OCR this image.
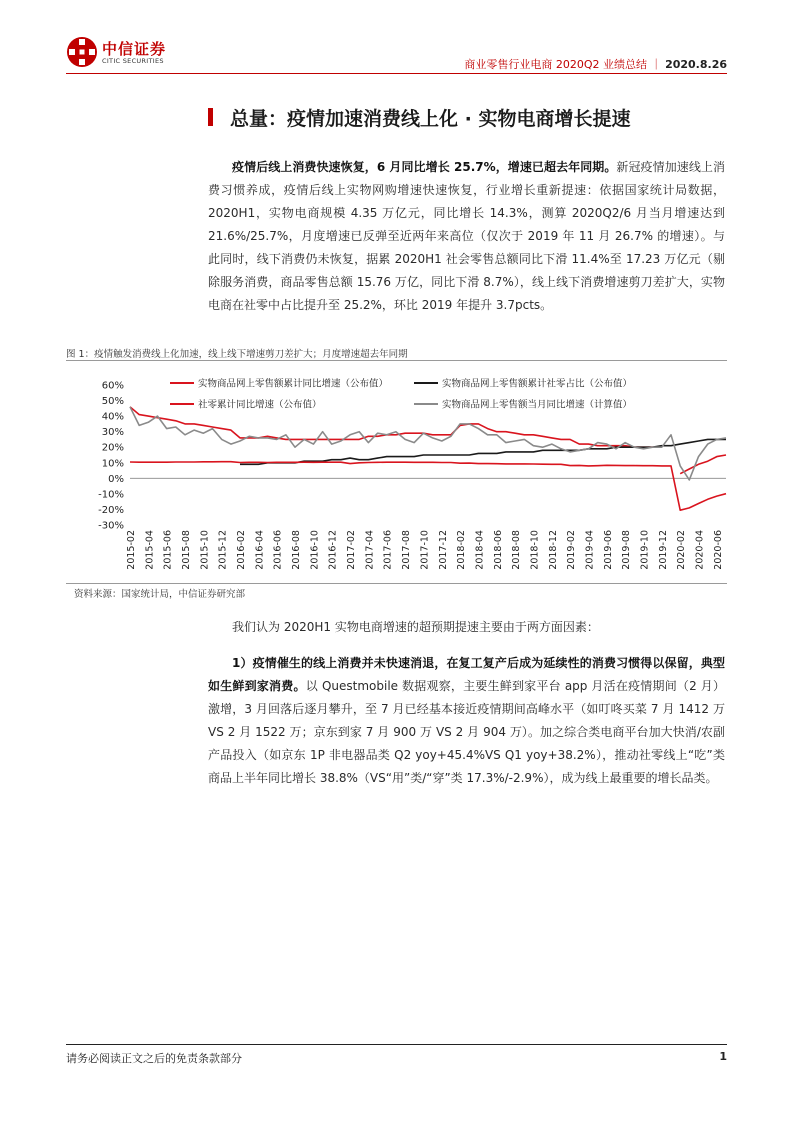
中信证券
CITIC SECURITIES	商业零售行业电商 2020Q2 业绩总结 ｜ 2020.8.26
总量：疫情加速消费线上化 · 实物电商增长提速
疫情后线上消费快速恢复，6 月同比增长 25.7%，增速已超去年同期。新冠疫情加速线上消费习惯养成，疫情后线上实物网购增速快速恢复，行业增长重新提速：依据国家统计局数据，2020H1，实物电商规模 4.35 万亿元，同比增长 14.3%，测算 2020Q2/6 月当月增速达到 21.6%/25.7%，月度增速已反弹至近两年来高位（仅次于 2019 年 11 月 26.7% 的增速）。与此同时，线下消费仍未恢复，据累 2020H1 社会零售总额同比下滑 11.4%至 17.23 万亿元（剔除服务消费，商品零售总额 15.76 万亿，同比下滑 8.7%），线上线下消费增速剪刀差扩大，实物电商在社零中占比提升至 25.2%，环比 2019 年提升 3.7pcts。
图 1：疫情触发消费线上化加速，线上线下增速剪刀差扩大；月度增速超去年同期
60%
50%
40%
30%
20%
10%
0%
-10%
-20%
-30%
2015-02 2015-04 2015-06 2015-08 2015-10 2015-12 2016-02 2016-04 2016-06 2016-08 2016-10 2016-12 2017-02 2017-04 2017-06 2017-08 2017-10 2017-12 2018-02 2018-04 2018-06 2018-08 2018-10 2018-12 2019-02 2019-04 2019-06 2019-08 2019-10 2019-12 2020-02 2020-04 2020-06
实物商品网上零售额累计同比增速（公布值）	实物商品网上零售额累计社零占比（公布值）
社零累计同比增速（公布值）	实物商品网上零售额当月同比增速（计算值）
资料来源：国家统计局，中信证券研究部
我们认为 2020H1 实物电商增速的超预期提速主要由于两方面因素：
1）疫情催生的线上消费并未快速消退，在复工复产后成为延续性的消费习惯得以保留，典型如生鲜到家消费。以 Questmobile 数据观察，主要生鲜到家平台 app 月活在疫情期间（2 月）激增，3 月回落后逐月攀升，至 7 月已经基本接近疫情期间高峰水平（如叮咚买菜 7 月 1412 万 VS 2 月 1522 万；京东到家 7 月 900 万 VS 2 月 904 万）。加之综合类电商平台加大快消/农副产品投入（如京东 1P 非电器品类 Q2 yoy+45.4%VS Q1 yoy+38.2%），推动社零线上“吃”类商品上半年同比增长 38.8%（VS“用”类/“穿”类 17.3%/-2.9%），成为线上最重要的增长品类。
请务必阅读正文之后的免责条款部分	1
